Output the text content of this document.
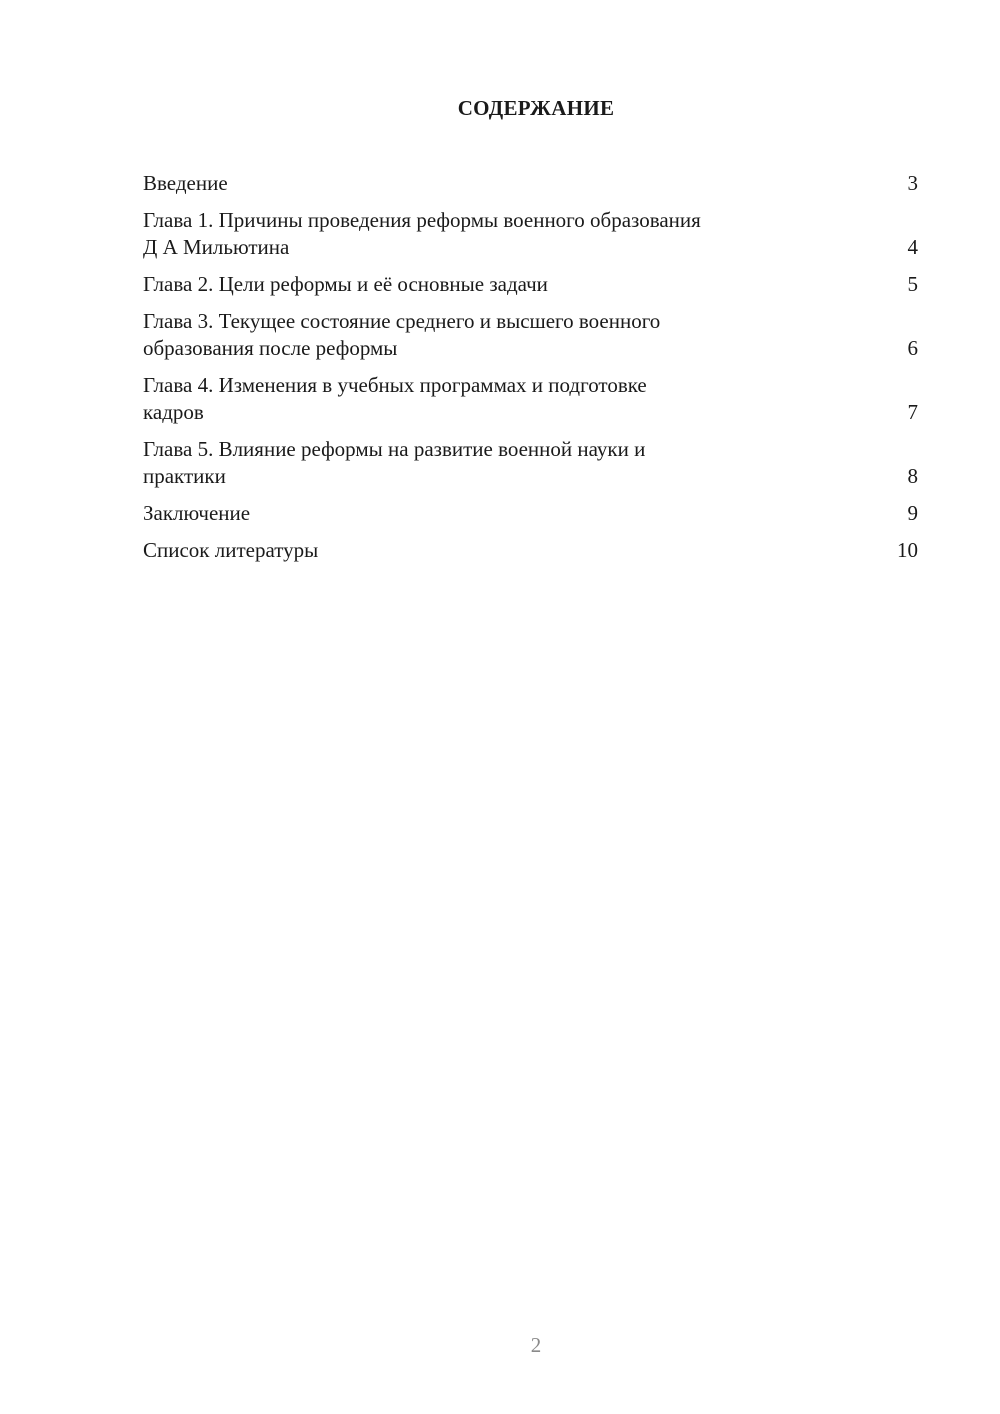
СОДЕРЖАНИЕ
Введение	3
Глава 1. Причины проведения реформы военного образования
Д А Мильютина	4
Глава 2. Цели реформы и её основные задачи	5
Глава 3. Текущее состояние среднего и высшего военного
образования после реформы	6
Глава 4. Изменения в учебных программах и подготовке
кадров	7
Глава 5. Влияние реформы на развитие военной науки и
практики	8
Заключение	9
Список литературы	10
2
